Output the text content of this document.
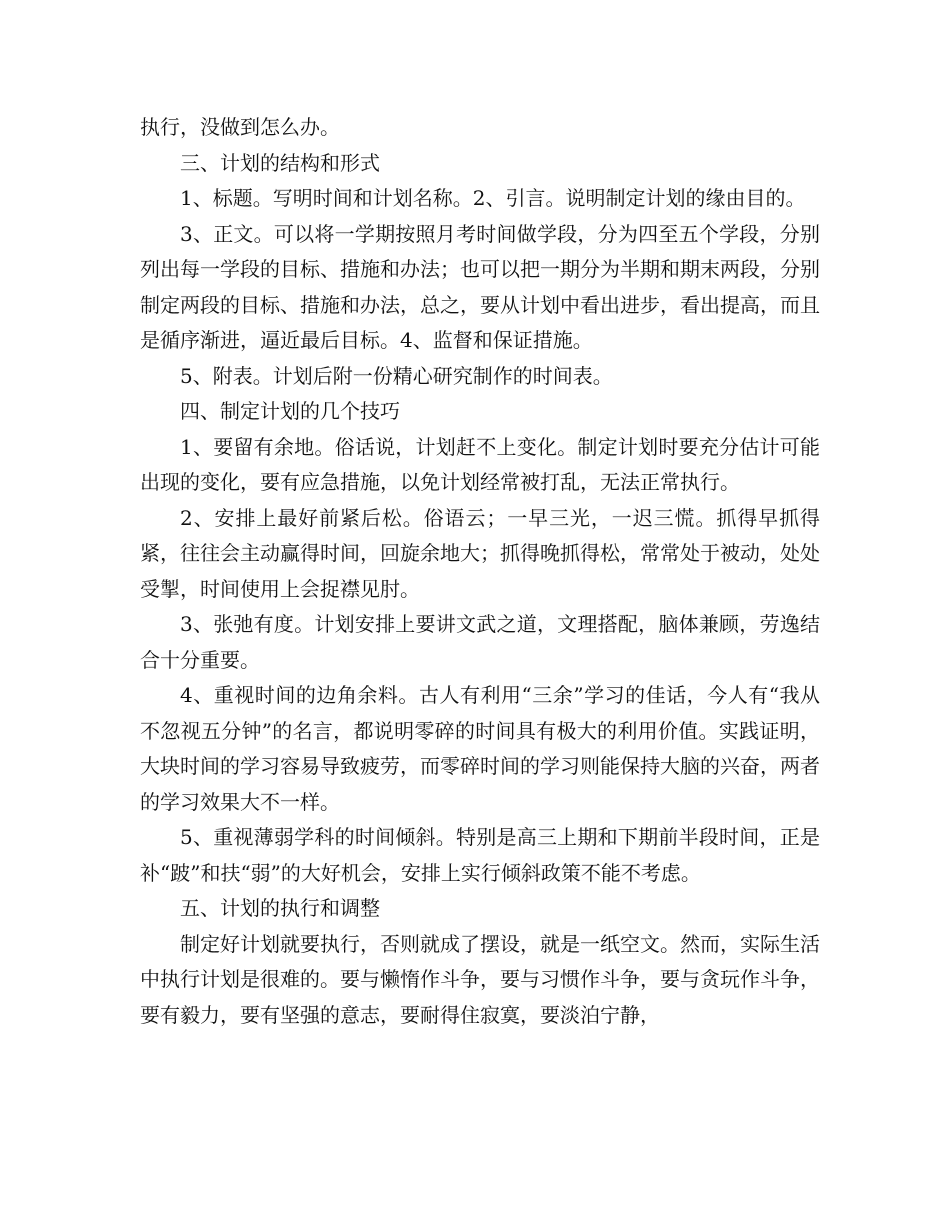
执行，没做到怎么办。

三、计划的结构和形式

1、标题。写明时间和计划名称。2、引言。说明制定计划的缘由目的。

3、正文。可以将一学期按照月考时间做学段，分为四至五个学段，分别列出每一学段的目标、措施和办法；也可以把一期分为半期和期末两段，分别制定两段的目标、措施和办法，总之，要从计划中看出进步，看出提高，而且是循序渐进，逼近最后目标。4、监督和保证措施。

5、附表。计划后附一份精心研究制作的时间表。

四、制定计划的几个技巧

1、要留有余地。俗话说，计划赶不上变化。制定计划时要充分估计可能出现的变化，要有应急措施，以免计划经常被打乱，无法正常执行。

2、安排上最好前紧后松。俗语云；一早三光，一迟三慌。抓得早抓得紧，往往会主动赢得时间，回旋余地大；抓得晚抓得松，常常处于被动，处处受掣，时间使用上会捉襟见肘。

3、张弛有度。计划安排上要讲文武之道，文理搭配，脑体兼顾，劳逸结合十分重要。

4、重视时间的边角余料。古人有利用“三余”学习的佳话，今人有“我从不忽视五分钟”的名言，都说明零碎的时间具有极大的利用价值。实践证明，大块时间的学习容易导致疲劳，而零碎时间的学习则能保持大脑的兴奋，两者的学习效果大不一样。

5、重视薄弱学科的时间倾斜。特别是高三上期和下期前半段时间，正是补“跛”和扶“弱”的大好机会，安排上实行倾斜政策不能不考虑。

五、计划的执行和调整

制定好计划就要执行，否则就成了摆设，就是一纸空文。然而，实际生活中执行计划是很难的。要与懒惰作斗争，要与习惯作斗争，要与贪玩作斗争，要有毅力，要有坚强的意志，要耐得住寂寞，要淡泊宁静，
